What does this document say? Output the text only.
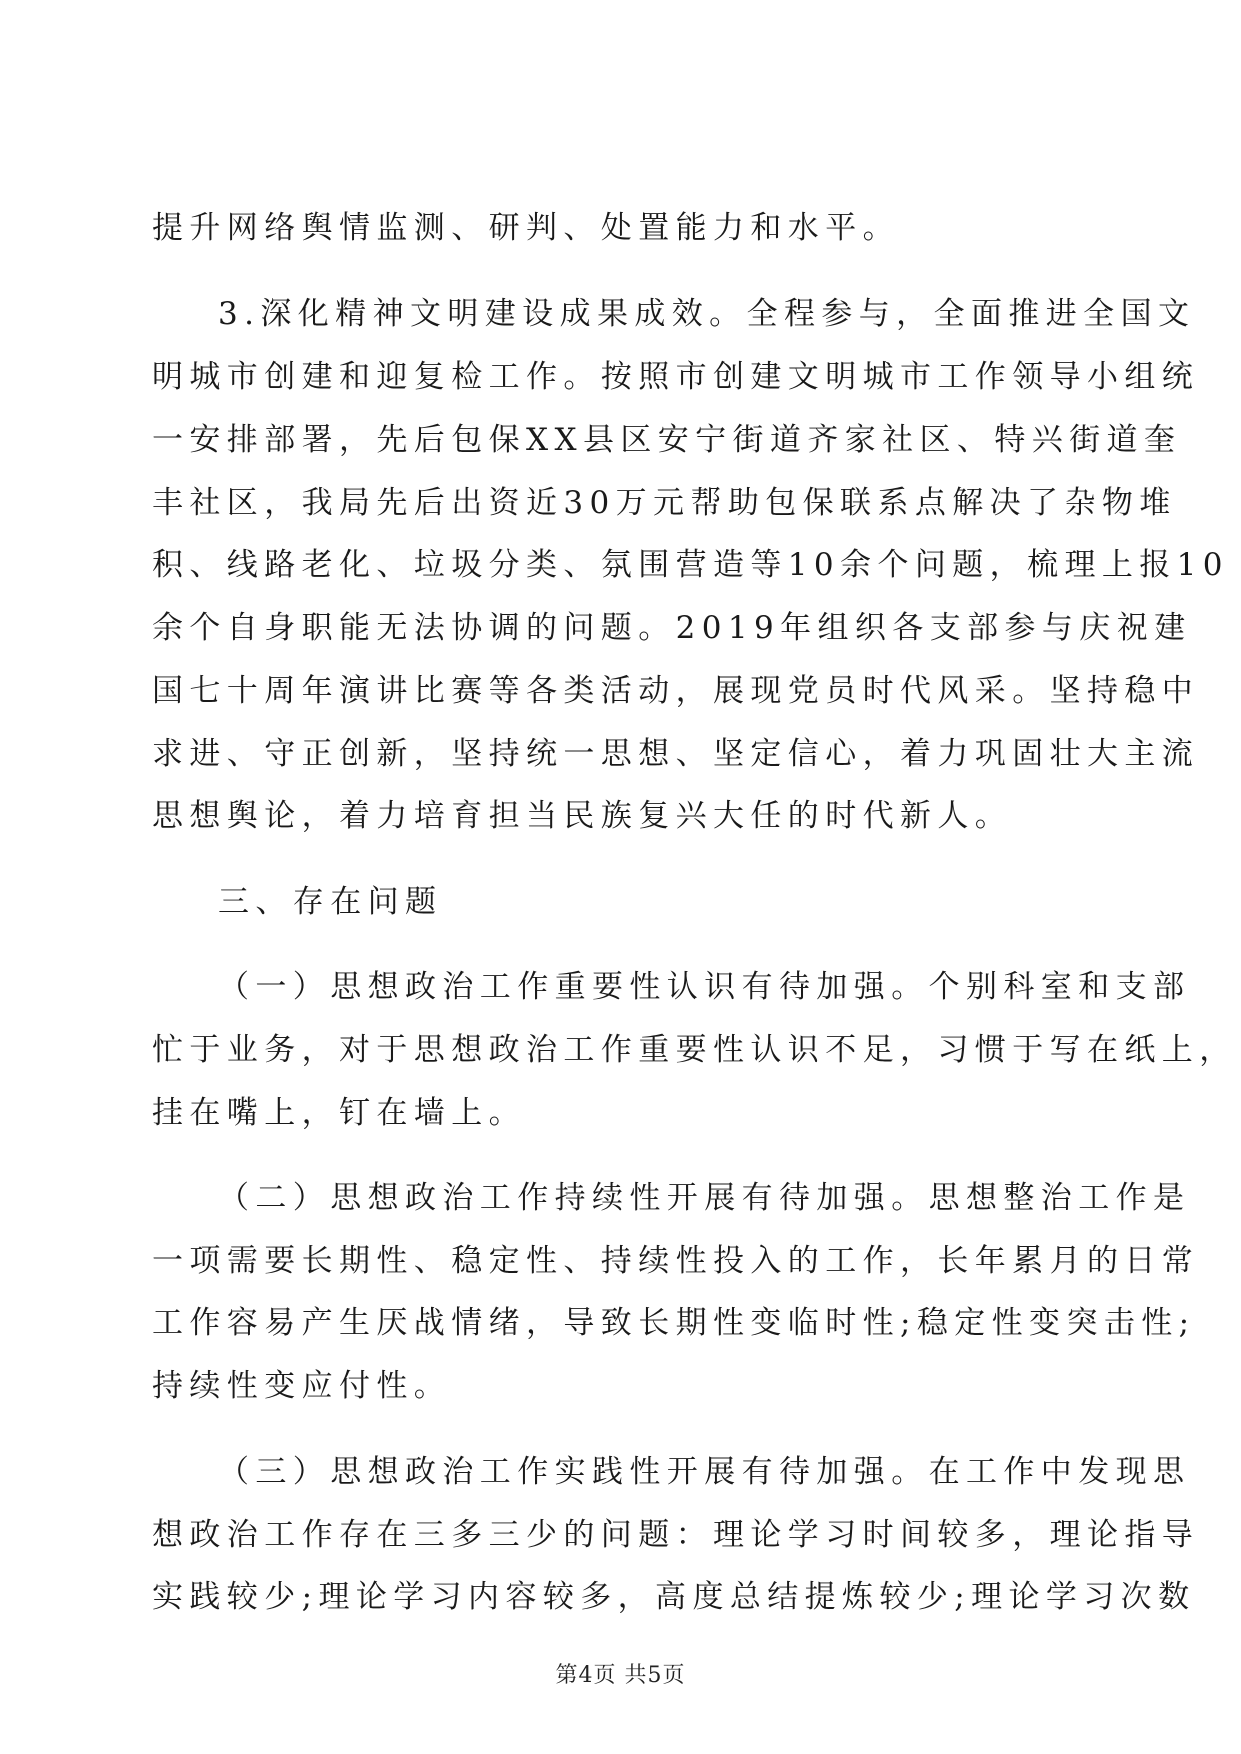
提升网络舆情监测、研判、处置能力和水平。
3.深化精神文明建设成果成效。全程参与，全面推进全国文
明城市创建和迎复检工作。按照市创建文明城市工作领导小组统
一安排部署，先后包保XX县区安宁街道齐家社区、特兴街道奎
丰社区，我局先后出资近30万元帮助包保联系点解决了杂物堆
积、线路老化、垃圾分类、氛围营造等10余个问题，梳理上报10
余个自身职能无法协调的问题。2019年组织各支部参与庆祝建
国七十周年演讲比赛等各类活动，展现党员时代风采。坚持稳中
求进、守正创新，坚持统一思想、坚定信心，着力巩固壮大主流
思想舆论，着力培育担当民族复兴大任的时代新人。
三、存在问题
（一）思想政治工作重要性认识有待加强。个别科室和支部
忙于业务，对于思想政治工作重要性认识不足，习惯于写在纸上，
挂在嘴上，钉在墙上。
（二）思想政治工作持续性开展有待加强。思想整治工作是
一项需要长期性、稳定性、持续性投入的工作，长年累月的日常
工作容易产生厌战情绪，导致长期性变临时性;稳定性变突击性;
持续性变应付性。
（三）思想政治工作实践性开展有待加强。在工作中发现思
想政治工作存在三多三少的问题：理论学习时间较多，理论指导
实践较少;理论学习内容较多，高度总结提炼较少;理论学习次数
第4页 共5页
